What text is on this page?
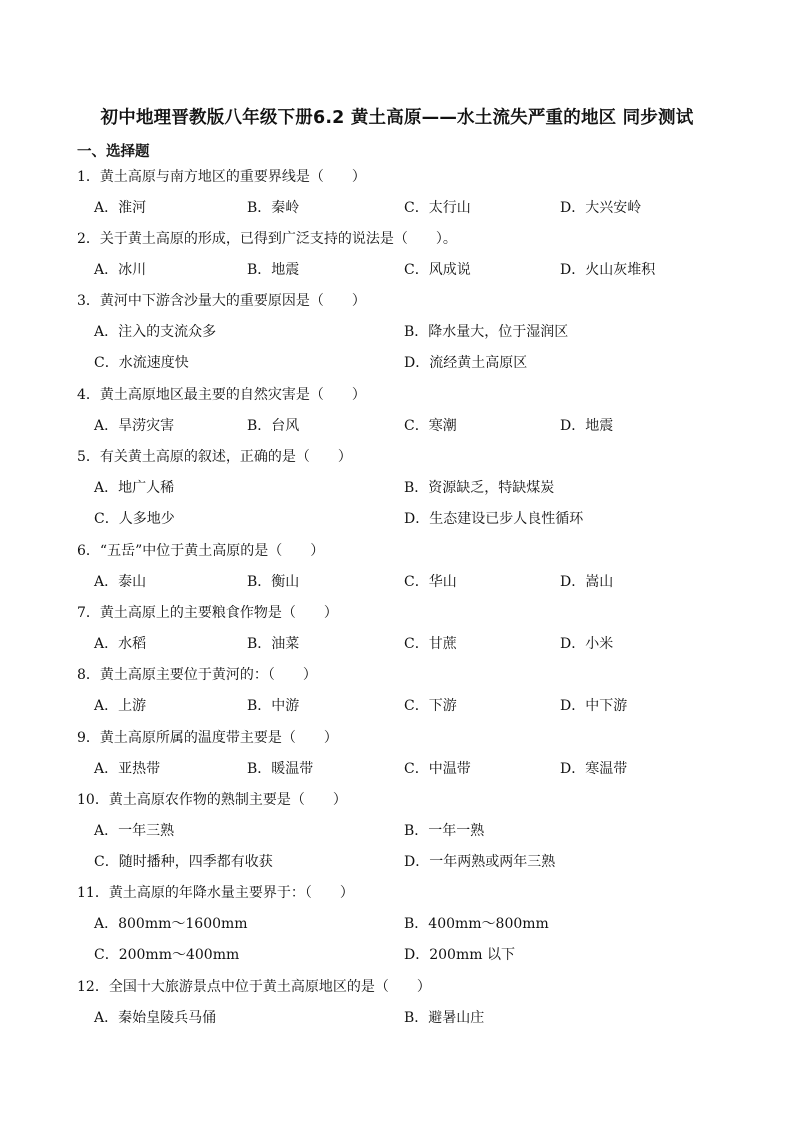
初中地理晋教版八年级下册6.2 黄土高原——水土流失严重的地区 同步测试
一、选择题
1．黄土高原与南方地区的重要界线是（　　）
A．淮河	B．秦岭	C．太行山	D．大兴安岭
2．关于黄土高原的形成，已得到广泛支持的说法是（　　）。
A．冰川	B．地震	C．风成说	D．火山灰堆积
3．黄河中下游含沙量大的重要原因是（　　）
A．注入的支流众多	B．降水量大，位于湿润区
C．水流速度快	D．流经黄土高原区
4．黄土高原地区最主要的自然灾害是（　　）
A．旱涝灾害	B．台风	C．寒潮	D．地震
5．有关黄土高原的叙述，正确的是（　　）
A．地广人稀	B．资源缺乏，特缺煤炭
C．人多地少	D．生态建设已步人良性循环
6．“五岳”中位于黄土高原的是（　　）
A．泰山	B．衡山	C．华山	D．嵩山
7．黄土高原上的主要粮食作物是（　　）
A．水稻	B．油菜	C．甘蔗	D．小米
8．黄土高原主要位于黄河的：（　　）
A．上游	B．中游	C．下游	D．中下游
9．黄土高原所属的温度带主要是（　　）
A．亚热带	B．暖温带	C．中温带	D．寒温带
10．黄土高原农作物的熟制主要是（　　）
A．一年三熟	B．一年一熟
C．随时播种，四季都有收获	D．一年两熟或两年三熟
11．黄土高原的年降水量主要界于：（　　）
A．800mm～1600mm	B．400mm～800mm
C．200mm～400mm	D．200mm 以下
12．全国十大旅游景点中位于黄土高原地区的是（　　）
A．秦始皇陵兵马俑	B．避暑山庄
